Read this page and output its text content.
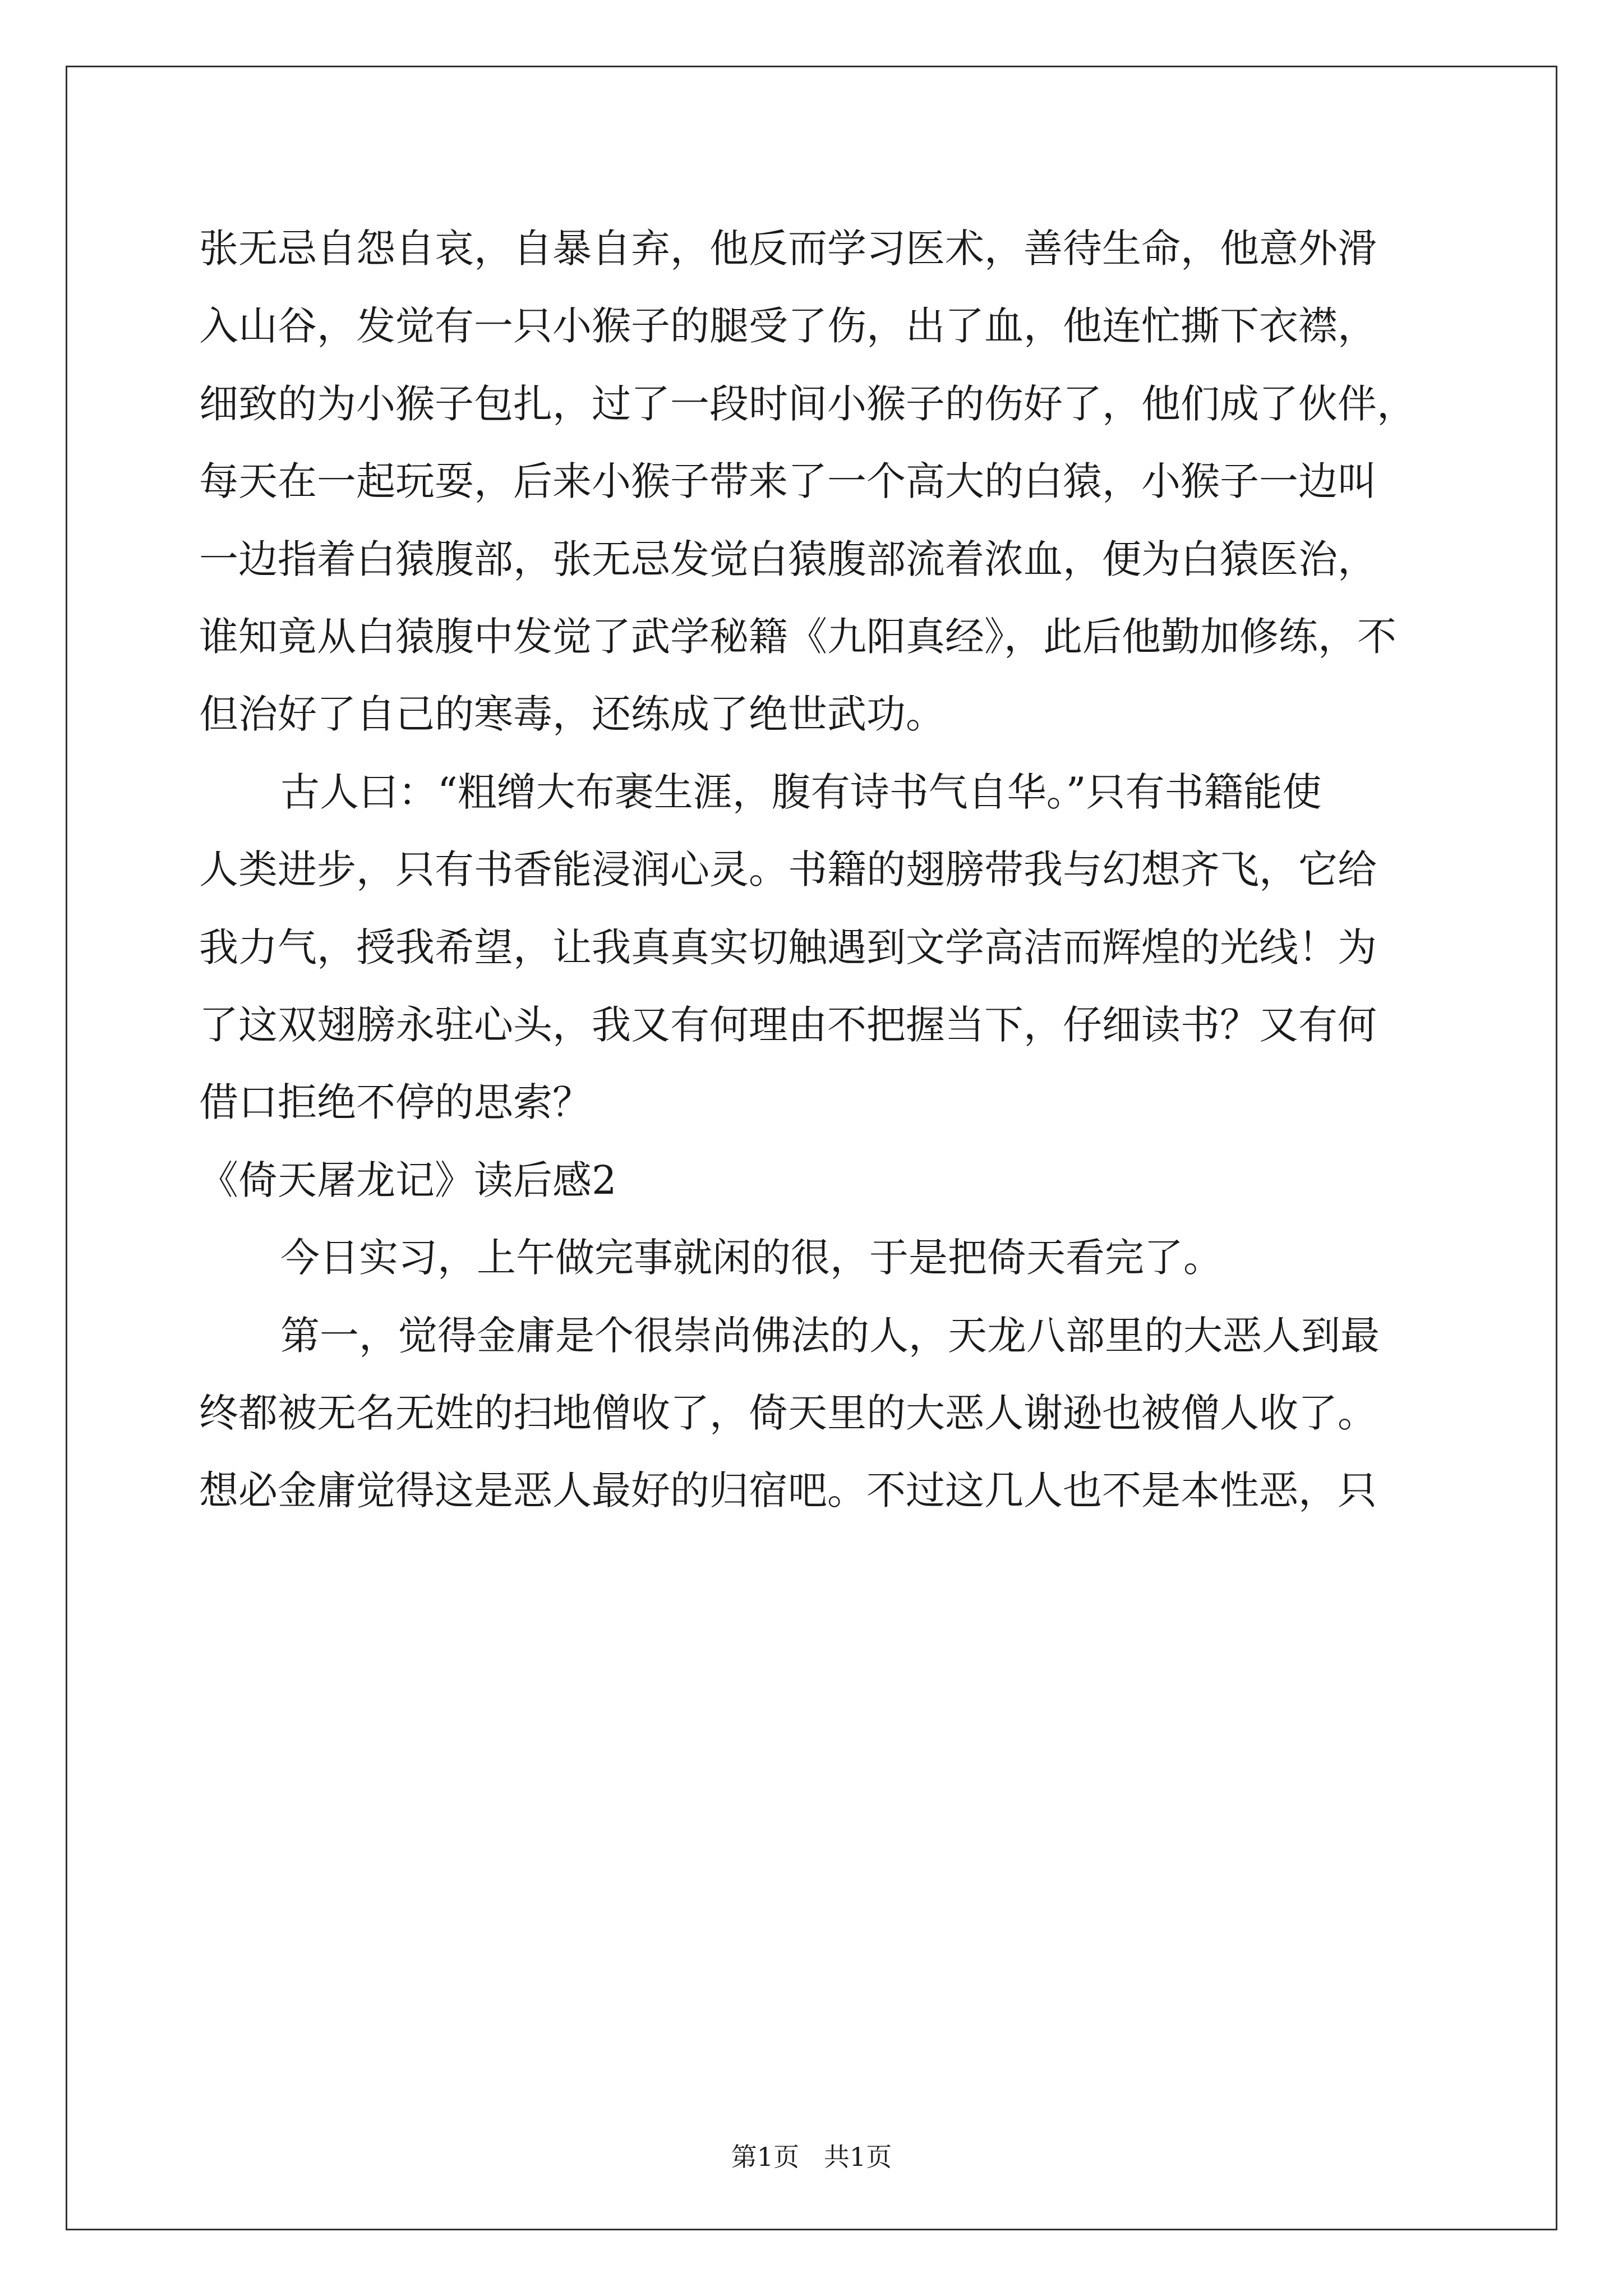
张无忌自怨自哀，自暴自弃，他反而学习医术，善待生命，他意外滑
入山谷，发觉有一只小猴子的腿受了伤，出了血，他连忙撕下衣襟，
细致的为小猴子包扎，过了一段时间小猴子的伤好了，他们成了伙伴，
每天在一起玩耍，后来小猴子带来了一个高大的白猿，小猴子一边叫
一边指着白猿腹部，张无忌发觉白猿腹部流着浓血，便为白猿医治，
谁知竟从白猿腹中发觉了武学秘籍《九阳真经》，此后他勤加修练，不
但治好了自己的寒毒，还练成了绝世武功。
古人曰：“粗缯大布裹生涯，腹有诗书气自华。”只有书籍能使
人类进步，只有书香能浸润心灵。书籍的翅膀带我与幻想齐飞，它给
我力气，授我希望，让我真真实切触遇到文学高洁而辉煌的光线！为
了这双翅膀永驻心头，我又有何理由不把握当下，仔细读书？又有何
借口拒绝不停的思索？
《倚天屠龙记》读后感2
今日实习，上午做完事就闲的很，于是把倚天看完了。
第一，觉得金庸是个很崇尚佛法的人，天龙八部里的大恶人到最
终都被无名无姓的扫地僧收了，倚天里的大恶人谢逊也被僧人收了。
想必金庸觉得这是恶人最好的归宿吧。不过这几人也不是本性恶，只
第1页   共1页
